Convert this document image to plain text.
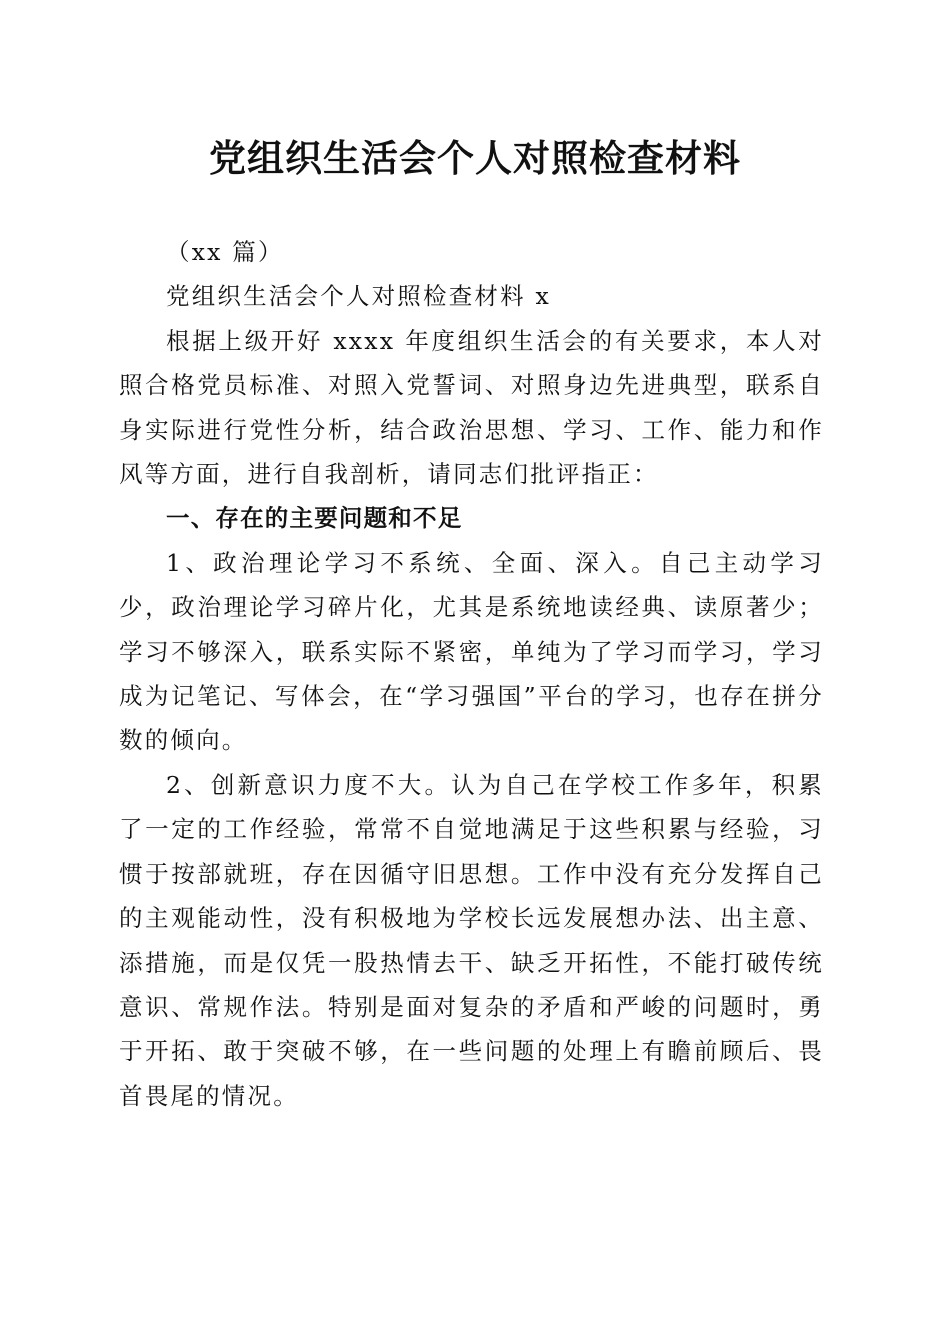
党组织生活会个人对照检查材料

（xx 篇）

党组织生活会个人对照检查材料 x

根据上级开好 xxxx 年度组织生活会的有关要求，本人对照合格党员标准、对照入党誓词、对照身边先进典型，联系自身实际进行党性分析，结合政治思想、学习、工作、能力和作风等方面，进行自我剖析，请同志们批评指正：

一、存在的主要问题和不足

1、政治理论学习不系统、全面、深入。自己主动学习少，政治理论学习碎片化，尤其是系统地读经典、读原著少；学习不够深入，联系实际不紧密，单纯为了学习而学习，学习成为记笔记、写体会，在“学习强国”平台的学习，也存在拼分数的倾向。

2、创新意识力度不大。认为自己在学校工作多年，积累了一定的工作经验，常常不自觉地满足于这些积累与经验，习惯于按部就班，存在因循守旧思想。工作中没有充分发挥自己的主观能动性，没有积极地为学校长远发展想办法、出主意、添措施，而是仅凭一股热情去干、缺乏开拓性，不能打破传统意识、常规作法。特别是面对复杂的矛盾和严峻的问题时，勇于开拓、敢于突破不够，在一些问题的处理上有瞻前顾后、畏首畏尾的情况。
